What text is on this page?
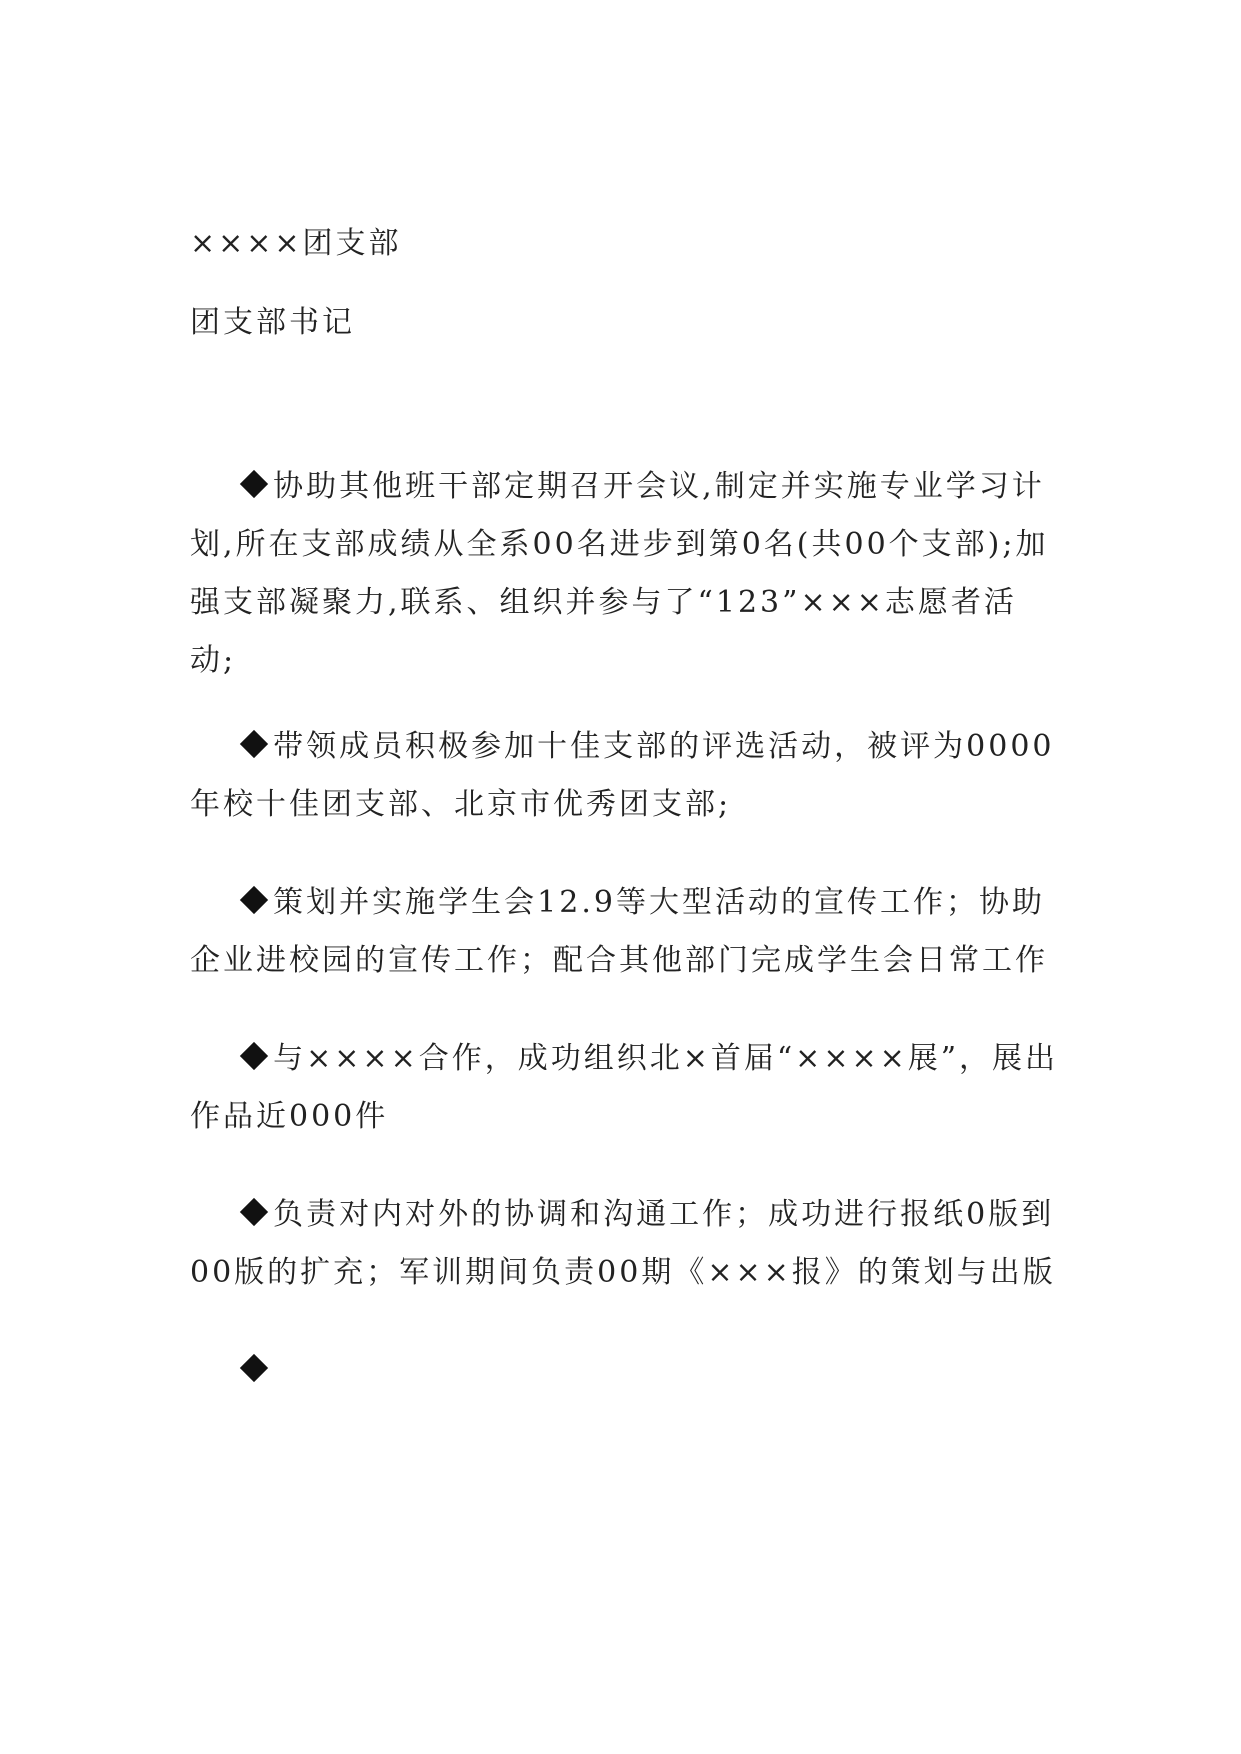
××××团支部
团支部书记

协助其他班干部定期召开会议,制定并实施专业学习计划,所在支部成绩从全系00名进步到第0名(共00个支部);加强支部凝聚力,联系、组织并参与了“123”×××志愿者活动;

带领成员积极参加十佳支部的评选活动，被评为0000年校十佳团支部、北京市优秀团支部;

策划并实施学生会12.9等大型活动的宣传工作；协助企业进校园的宣传工作；配合其他部门完成学生会日常工作

与××××合作，成功组织北×首届“××××展”，展出作品近000件

负责对内对外的协调和沟通工作；成功进行报纸0版到00版的扩充；军训期间负责00期《×××报》的策划与出版
